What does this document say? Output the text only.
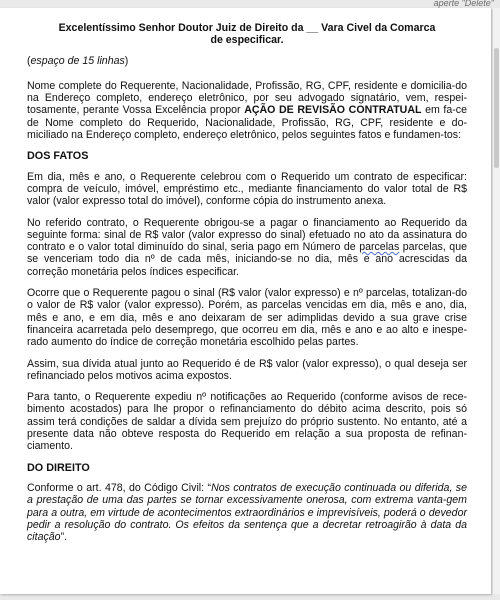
aperte "Delete"
Excelentíssimo Senhor Doutor Juiz de Direito da __ Vara Civel da Comarca
de especificar.

(espaço de 15 linhas)

Nome complete do Requerente, Nacionalidade, Profissão, RG, CPF, residente e domicilia-do na Endereço completo, endereço eletrônico, por seu advogado signatário, vem, respei-tosamente, perante Vossa Excelência propor AÇÃO DE REVISÃO CONTRATUAL em fa-ce de Nome completo do Requerido, Nacionalidade, Profissão, RG, CPF, residente e do-miciliado na Endereço completo, endereço eletrônico, pelos seguintes fatos e fundamen-tos:

DOS FATOS

Em dia, mês e ano, o Requerente celebrou com o Requerido um contrato de especificar: compra de veículo, imóvel, empréstimo etc., mediante financiamento do valor total de R$ valor (valor expresso total do imóvel), conforme cópia do instrumento anexa.

No referido contrato, o Requerente obrigou-se a pagar o financiamento ao Requerido da seguinte forma: sinal de R$ valor (valor expresso do sinal) efetuado no ato da assinatura do contrato e o valor total diminuído do sinal, seria pago em Número de parcelas parcelas, que se venceriam todo dia nº de cada mês, iniciando-se no dia, mês e ano acrescidas da correção monetária pelos índices especificar.

Ocorre que o Requerente pagou o sinal (R$ valor (valor expresso) e nº parcelas, totalizan-do o valor de R$ valor (valor expresso). Porém, as parcelas vencidas em dia, mês e ano, dia, mês e ano, e em dia, mês e ano deixaram de ser adimplidas devido a sua grave crise financeira acarretada pelo desemprego, que ocorreu em dia, mês e ano e ao alto e inespe-rado aumento do índice de correção monetária escolhido pelas partes.

Assim, sua dívida atual junto ao Requerido é de R$ valor (valor expresso), o qual deseja ser refinanciado pelos motivos acima expostos.

Para tanto, o Requerente expediu nº notificações ao Requerido (conforme avisos de rece-bimento acostados) para lhe propor o refinanciamento do débito acima descrito, pois só assim terá condições de saldar a dívida sem prejuízo do próprio sustento. No entanto, até a presente data não obteve resposta do Requerido em relação a sua proposta de refinan-ciamento.

DO DIREITO

Conforme o art. 478, do Código Civil: “Nos contratos de execução continuada ou diferida, se a prestação de uma das partes se tornar excessivamente onerosa, com extrema vanta-gem para a outra, em virtude de acontecimentos extraordinários e imprevisíveis, poderá o devedor pedir a resolução do contrato. Os efeitos da sentença que a decretar retroagirão à data da citação”.
